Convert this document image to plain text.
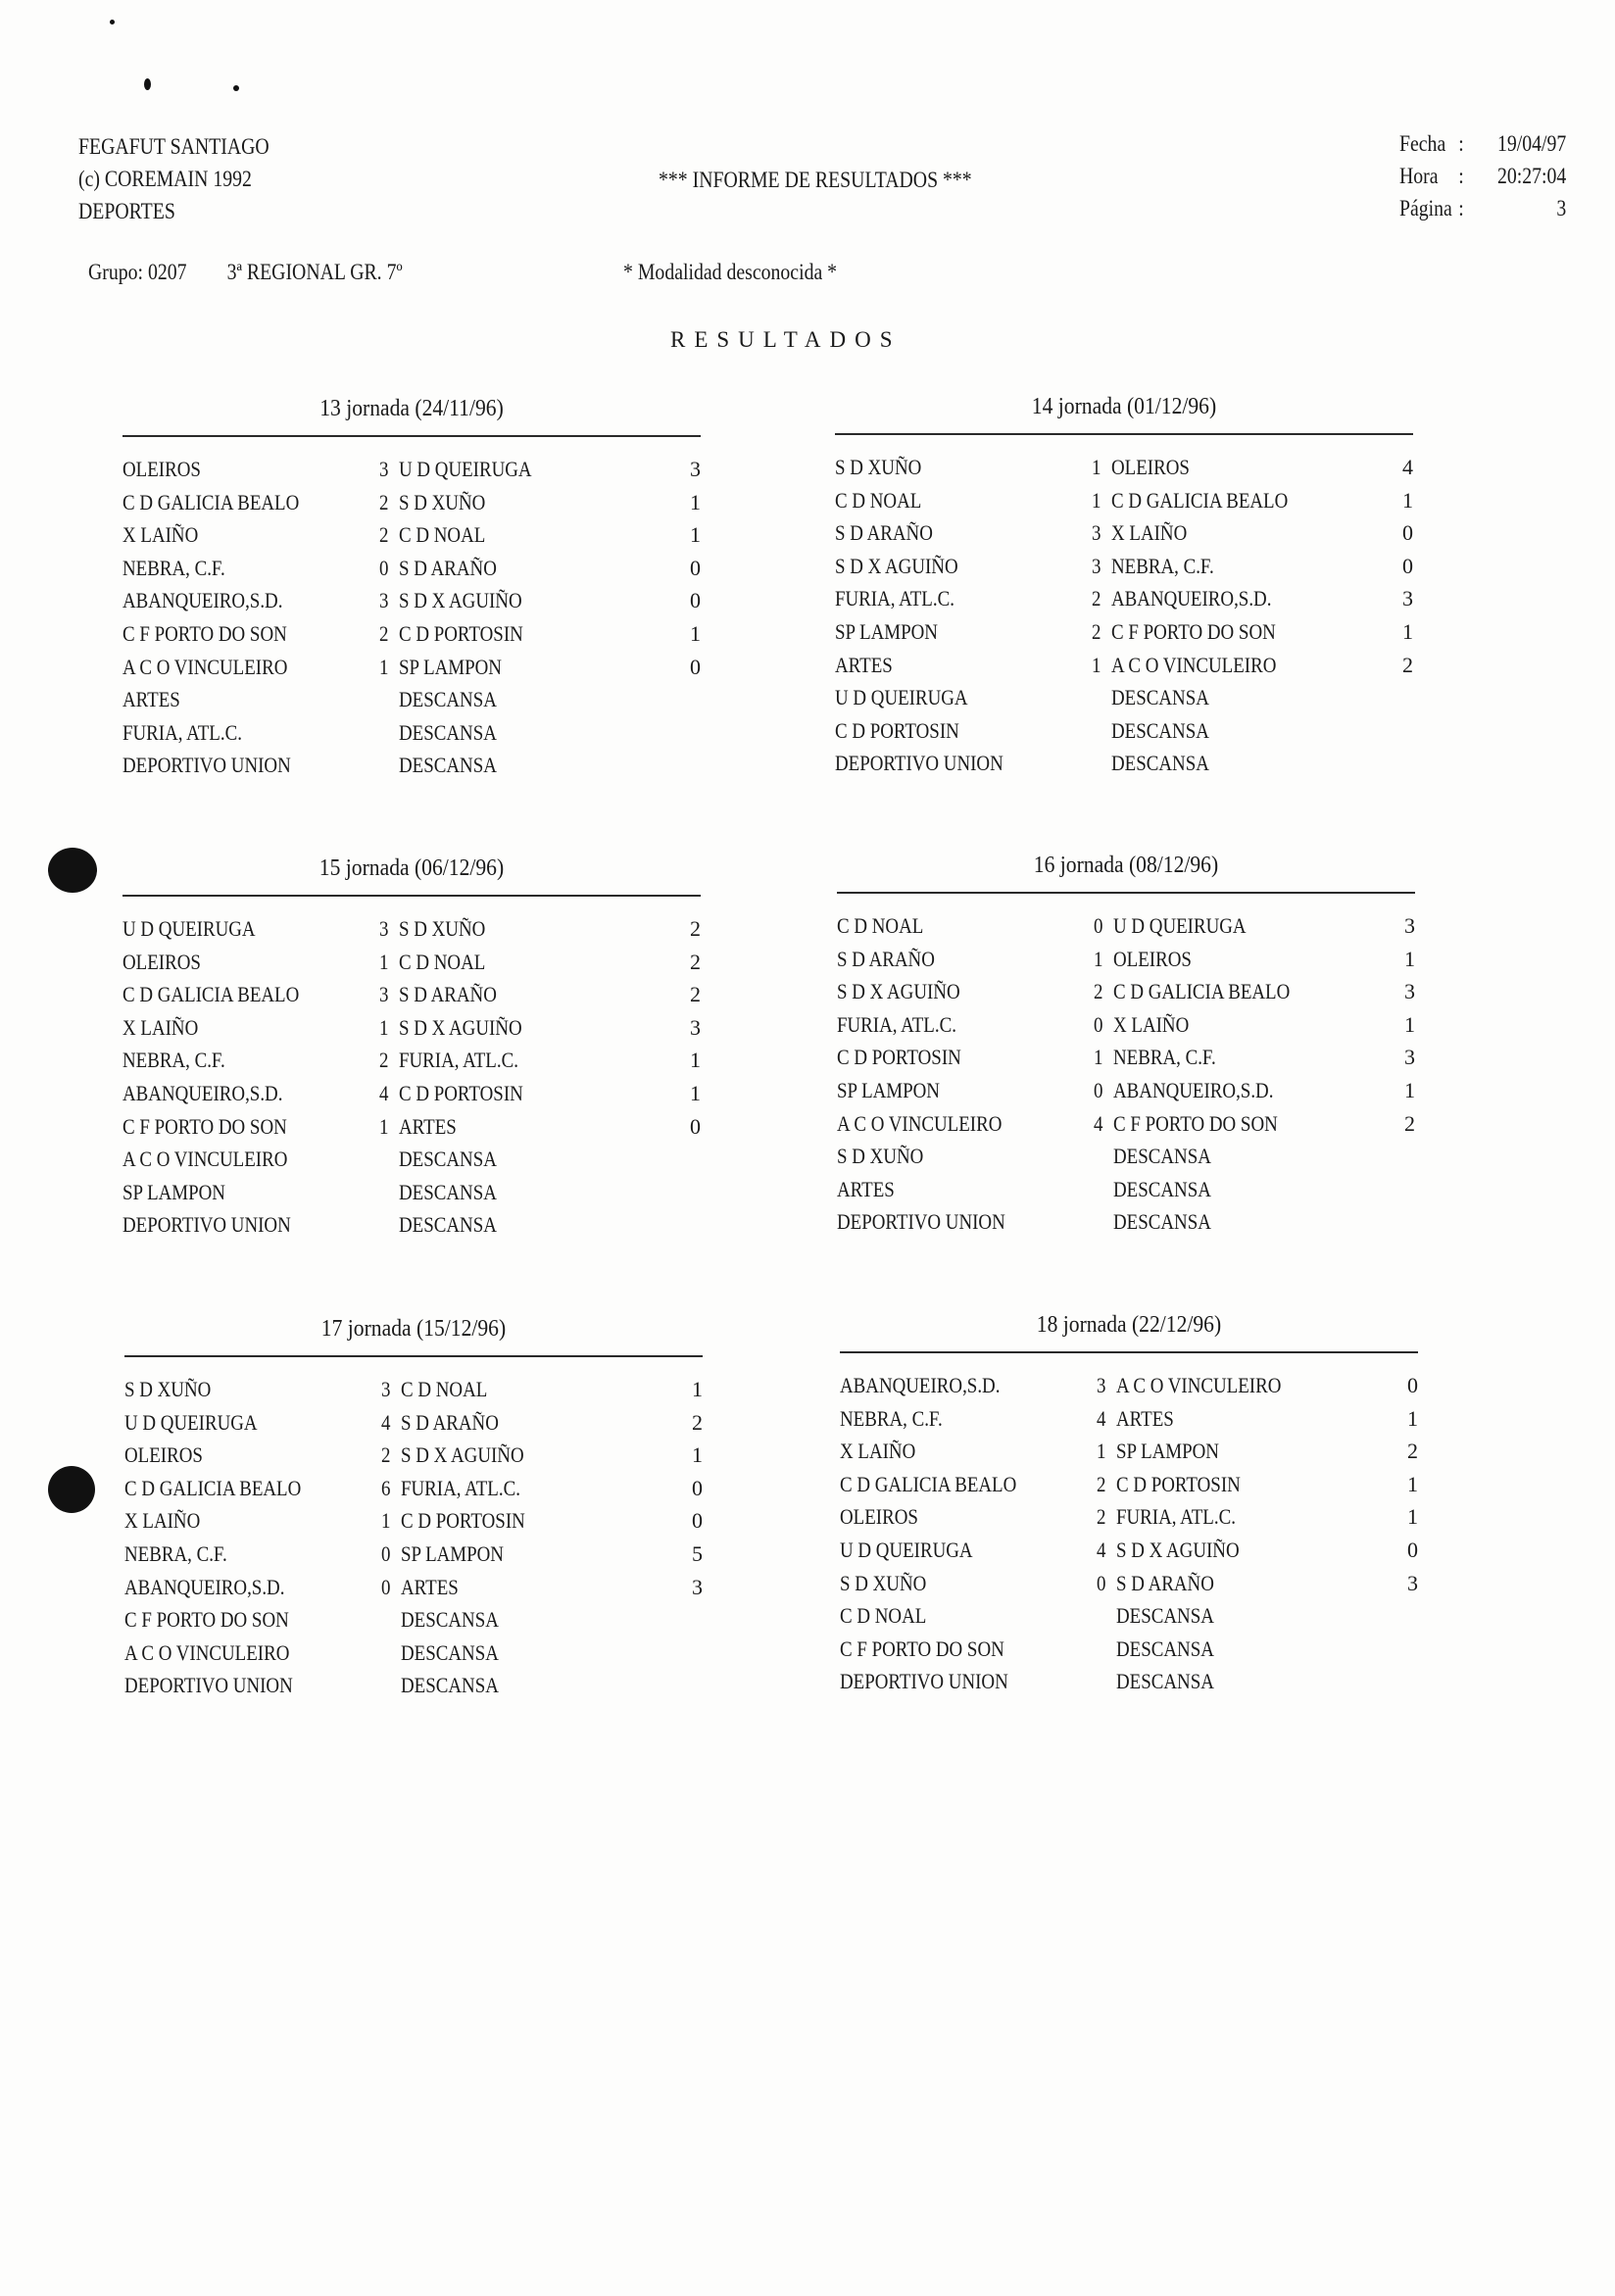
FEGAFUT SANTIAGO
(c) COREMAIN 1992
DEPORTES
*** INFORME DE RESULTADOS ***
Fecha :	19/04/97
Hora :	20:27:04
Página :	3
Grupo: 0207 3ª REGIONAL GR. 7º	* Modalidad desconocida *
RESULTADOS
13 jornada (24/11/96)
OLEIROS	3 U D QUEIRUGA	3
C D GALICIA BEALO	2 S D XUÑO	1
X LAIÑO	2 C D NOAL	1
NEBRA, C.F.	0 S D ARAÑO	0
ABANQUEIRO,S.D.	3 S D X AGUIÑO	0
C F PORTO DO SON	2 C D PORTOSIN	1
A C O VINCULEIRO	1 SP LAMPON	0
ARTES	DESCANSA
FURIA, ATL.C.	DESCANSA
DEPORTIVO UNION	DESCANSA
14 jornada (01/12/96)
S D XUÑO	1 OLEIROS	4
C D NOAL	1 C D GALICIA BEALO	1
S D ARAÑO	3 X LAIÑO	0
S D X AGUIÑO	3 NEBRA, C.F.	0
FURIA, ATL.C.	2 ABANQUEIRO,S.D.	3
SP LAMPON	2 C F PORTO DO SON	1
ARTES	1 A C O VINCULEIRO	2
U D QUEIRUGA	DESCANSA
C D PORTOSIN	DESCANSA
DEPORTIVO UNION	DESCANSA
15 jornada (06/12/96)
U D QUEIRUGA	3 S D XUÑO	2
OLEIROS	1 C D NOAL	2
C D GALICIA BEALO	3 S D ARAÑO	2
X LAIÑO	1 S D X AGUIÑO	3
NEBRA, C.F.	2 FURIA, ATL.C.	1
ABANQUEIRO,S.D.	4 C D PORTOSIN	1
C F PORTO DO SON	1 ARTES	0
A C O VINCULEIRO	DESCANSA
SP LAMPON	DESCANSA
DEPORTIVO UNION	DESCANSA
16 jornada (08/12/96)
C D NOAL	0 U D QUEIRUGA	3
S D ARAÑO	1 OLEIROS	1
S D X AGUIÑO	2 C D GALICIA BEALO	3
FURIA, ATL.C.	0 X LAIÑO	1
C D PORTOSIN	1 NEBRA, C.F.	3
SP LAMPON	0 ABANQUEIRO,S.D.	1
A C O VINCULEIRO	4 C F PORTO DO SON	2
S D XUÑO	DESCANSA
ARTES	DESCANSA
DEPORTIVO UNION	DESCANSA
17 jornada (15/12/96)
S D XUÑO	3 C D NOAL	1
U D QUEIRUGA	4 S D ARAÑO	2
OLEIROS	2 S D X AGUIÑO	1
C D GALICIA BEALO	6 FURIA, ATL.C.	0
X LAIÑO	1 C D PORTOSIN	0
NEBRA, C.F.	0 SP LAMPON	5
ABANQUEIRO,S.D.	0 ARTES	3
C F PORTO DO SON	DESCANSA
A C O VINCULEIRO	DESCANSA
DEPORTIVO UNION	DESCANSA
18 jornada (22/12/96)
ABANQUEIRO,S.D.	3 A C O VINCULEIRO	0
NEBRA, C.F.	4 ARTES	1
X LAIÑO	1 SP LAMPON	2
C D GALICIA BEALO	2 C D PORTOSIN	1
OLEIROS	2 FURIA, ATL.C.	1
U D QUEIRUGA	4 S D X AGUIÑO	0
S D XUÑO	0 S D ARAÑO	3
C D NOAL	DESCANSA
C F PORTO DO SON	DESCANSA
DEPORTIVO UNION	DESCANSA
